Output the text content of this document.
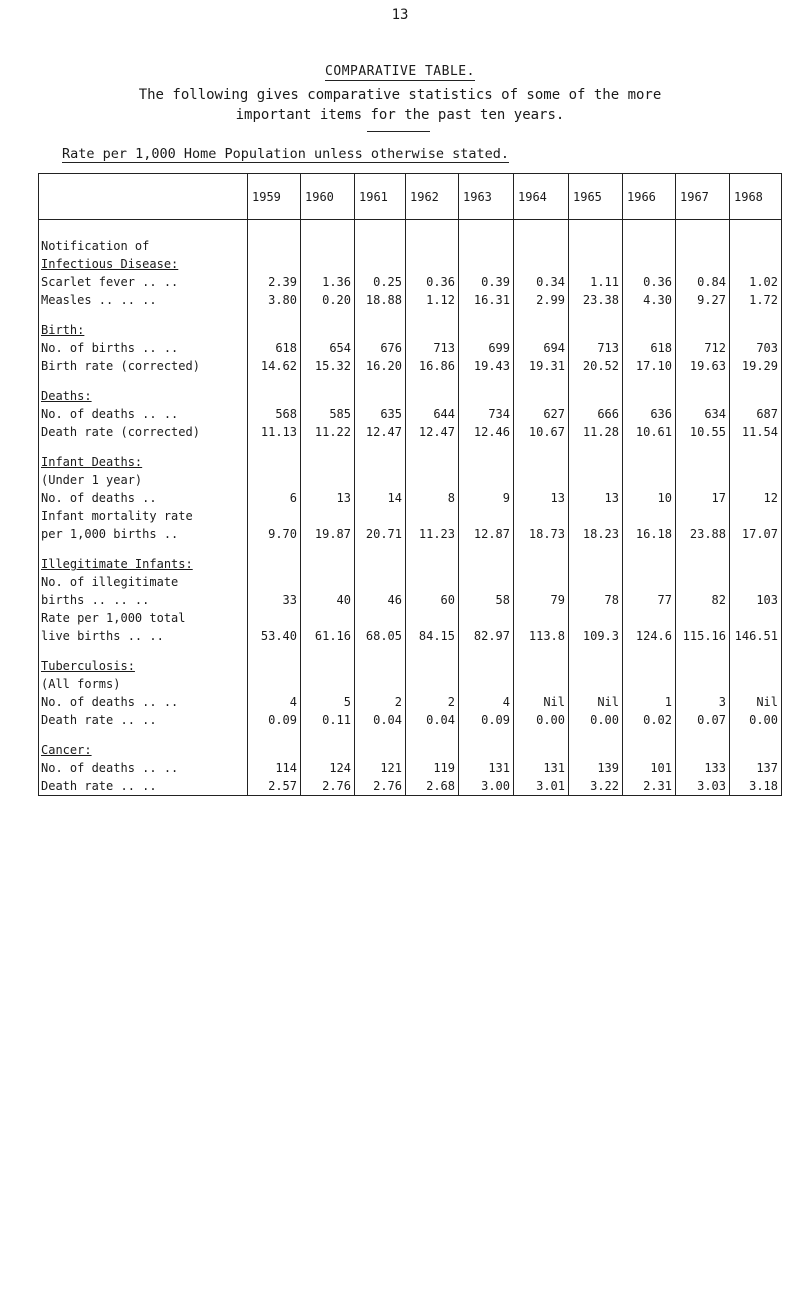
13
COMPARATIVE TABLE.
The following gives comparative statistics of some of the more
important items for the past ten years.
Rate per 1,000 Home Population unless otherwise stated.
	1959	1960	1961	1962	1963	1964	1965	1966	1967	1968

Notification of										
Infectious Disease:										
Scarlet fever .. ..	2.39	1.36	0.25	0.36	0.39	0.34	1.11	0.36	0.84	1.02
Measles .. .. ..	3.80	0.20	18.88	1.12	16.31	2.99	23.38	4.30	9.27	1.72

Birth:										
No. of births .. ..	618	654	676	713	699	694	713	618	712	703
Birth rate (corrected)	14.62	15.32	16.20	16.86	19.43	19.31	20.52	17.10	19.63	19.29

Deaths:										
No. of deaths .. ..	568	585	635	644	734	627	666	636	634	687
Death rate (corrected)	11.13	11.22	12.47	12.47	12.46	10.67	11.28	10.61	10.55	11.54

Infant Deaths:										
(Under 1 year)										
No. of deaths ..	6	13	14	8	9	13	13	10	17	12
Infant mortality rate										
per 1,000 births ..	9.70	19.87	20.71	11.23	12.87	18.73	18.23	16.18	23.88	17.07

Illegitimate Infants:										
No. of illegitimate										
births .. .. ..	33	40	46	60	58	79	78	77	82	103
Rate per 1,000 total										
live births .. ..	53.40	61.16	68.05	84.15	82.97	113.8	109.3	124.6	115.16	146.51

Tuberculosis:										
(All forms)										
No. of deaths .. ..	4	5	2	2	4	Nil	Nil	1	3	Nil
Death rate .. ..	0.09	0.11	0.04	0.04	0.09	0.00	0.00	0.02	0.07	0.00

Cancer:										
No. of deaths .. ..	114	124	121	119	131	131	139	101	133	137
Death rate .. ..	2.57	2.76	2.76	2.68	3.00	3.01	3.22	2.31	3.03	3.18
